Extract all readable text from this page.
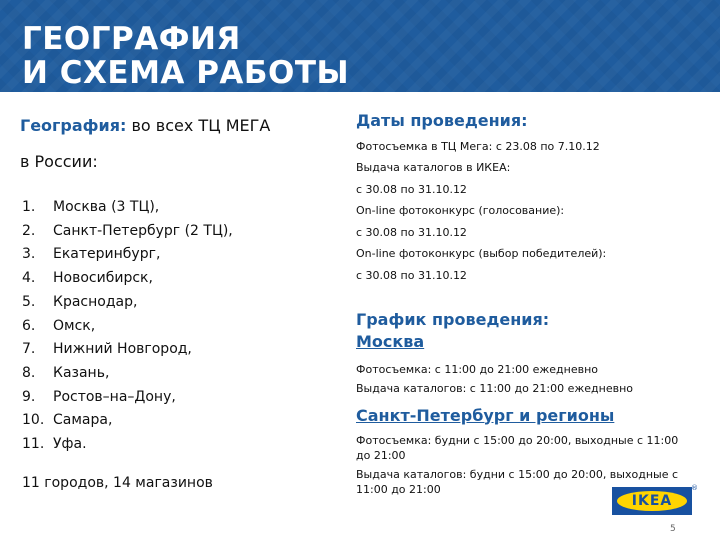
ГЕОГРАФИЯ
И СХЕМА РАБОТЫ
География: во всех ТЦ МЕГА
в России:
1.	Москва (3 ТЦ),
2.	Санкт-Петербург (2 ТЦ),
3.	Екатеринбург,
4.	Новосибирск,
5.	Краснодар,
6.	Омск,
7.	Нижний Новгород,
8.	Казань,
9.	Ростов–на–Дону,
10. Самара,
11. Уфа.
11 городов, 14 магазинов
Даты проведения:
Фотосъемка в ТЦ Мега: с 23.08 по 7.10.12
Выдача каталогов в ИКЕА:
с 30.08 по 31.10.12
On-line фотоконкурс (голосование):
с 30.08 по 31.10.12
On-line фотоконкурс (выбор победителей):
с 30.08 по 31.10.12
График проведения:
Москва
Фотосъемка: с 11:00 до 21:00 ежедневно
Выдача каталогов: с 11:00 до 21:00 ежедневно
Санкт-Петербург и регионы
Фотосъемка: будни с 15:00 до 20:00, выходные с 11:00 до 21:00
Выдача каталогов: будни с 15:00 до 20:00, выходные с 11:00 до 21:00
IKEA
®
5
